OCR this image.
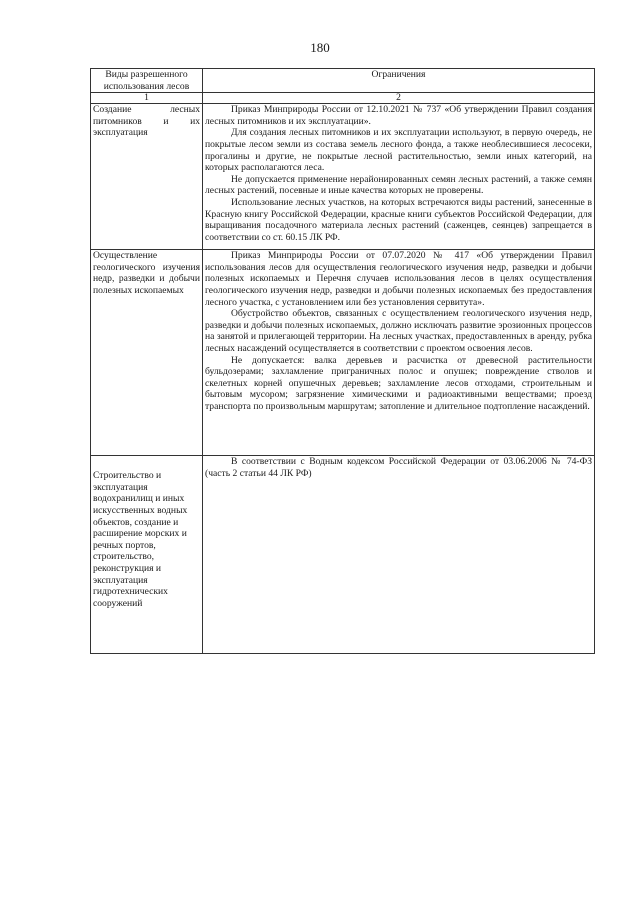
180
Виды разрешенного использования лесов	Ограничения
1	2
Создание лесных питомников и их эксплуатация	Приказ Минприроды России от 12.10.2021 № 737 «Об утверждении Правил создания лесных питомников и их эксплуатации».

Для создания лесных питомников и их эксплуатации используют, в первую очередь, не покрытые лесом земли из состава земель лесного фонда, а также необлесившиеся лесосеки, прогалины и другие, не покрытые лесной растительностью, земли иных категорий, на которых располагаются леса.

Не допускается применение нерайонированных семян лесных растений, а также семян лесных растений, посевные и иные качества которых не проверены.

Использование лесных участков, на которых встречаются виды растений, занесенные в Красную книгу Российской Федерации, красные книги субъектов Российской Федерации, для выращивания посадочного материала лесных растений (саженцев, сеянцев) запрещается в соответствии со ст. 60.15 ЛК РФ.

Осуществление геологического изучения недр, разведки и добычи полезных ископаемых	Приказ Минприроды России от 07.07.2020 № 417 «Об утверждении Правил использования лесов для осуществления геологического изучения недр, разведки и добычи полезных ископаемых и Перечня случаев использования лесов в целях осуществления геологического изучения недр, разведки и добычи полезных ископаемых без предоставления лесного участка, с установлением или без установления сервитута».

Обустройство объектов, связанных с осуществлением геологического изучения недр, разведки и добычи полезных ископаемых, должно исключать развитие эрозионных процессов на занятой и прилегающей территории. На лесных участках, предоставленных в аренду, рубка лесных насаждений осуществляется в соответствии с проектом освоения лесов.

Не допускается: валка деревьев и расчистка от древесной растительности бульдозерами; захламление приграничных полос и опушек; повреждение стволов и скелетных корней опушечных деревьев; захламление лесов отходами, строительным и бытовым мусором; загрязнение химическими и радиоактивными веществами; проезд транспорта по произвольным маршрутам; затопление и длительное подтопление насаждений.

Строительство и эксплуатация водохранилищ и иных искусственных водных объектов, создание и расширение морских и речных портов, строительство, реконструкция и эксплуатация гидротехнических сооружений	В соответствии с Водным кодексом Российской Федерации от 03.06.2006 № 74-ФЗ (часть 2 статьи 44 ЛК РФ)
